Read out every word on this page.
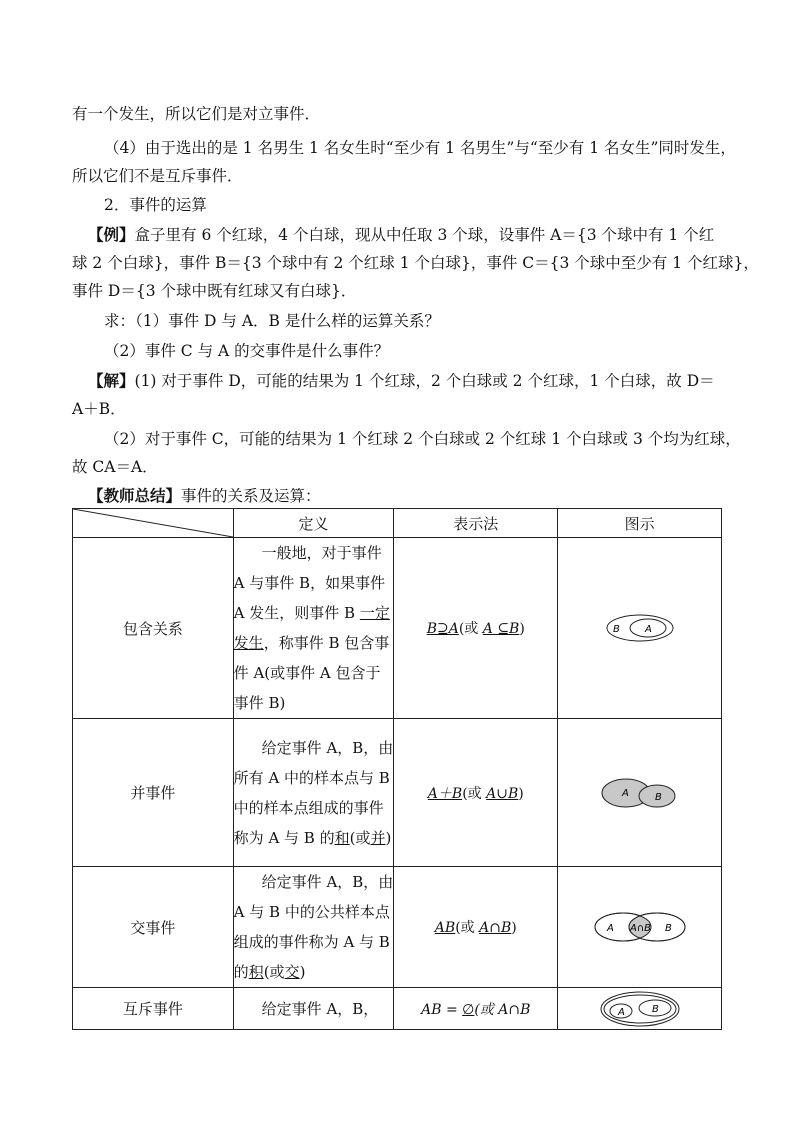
有一个发生，所以它们是对立事件．
（4）由于选出的是 1 名男生 1 名女生时“至少有 1 名男生”与“至少有 1 名女生”同时发生，
所以它们不是互斥事件．
2．事件的运算
【例】盒子里有 6 个红球，4 个白球，现从中任取 3 个球，设事件 A＝{3 个球中有 1 个红
球 2 个白球}，事件 B＝{3 个球中有 2 个红球 1 个白球}，事件 C＝{3 个球中至少有 1 个红球}，
事件 D＝{3 个球中既有红球又有白球}．
求：（1）事件 D 与 A．B 是什么样的运算关系？
（2）事件 C 与 A 的交事件是什么事件？
【解】(1) 对于事件 D，可能的结果为 1 个红球，2 个白球或 2 个红球，1 个白球，故 D＝
A＋B．
（2）对于事件 C，可能的结果为 1 个红球 2 个白球或 2 个红球 1 个白球或 3 个均为红球，
故 CA＝A．
【教师总结】事件的关系及运算：
	定义	表示法	图示
包含关系	一般地，对于事件 A 与事件 B，如果事件A 发生，则事件 B 一定发生，称事件 B 包含事件 A(或事件 A 包含于事件 B)	B⊇A(或 A ⊆B)	B A

并事件	给定事件 A，B，由所有 A 中的样本点与 B 中的样本点组成的事件称为 A 与 B 的和(或并)	A＋B(或 A∪B)	A B

交事件	给定事件 A，B，由 A 与 B 中的公共样本点组成的事件称为 A 与 B 的积(或交)	AB(或 A∩B)	A A∩B B

互斥事件	给定事件 A，B，	AB = ∅(或 A∩B	A B
